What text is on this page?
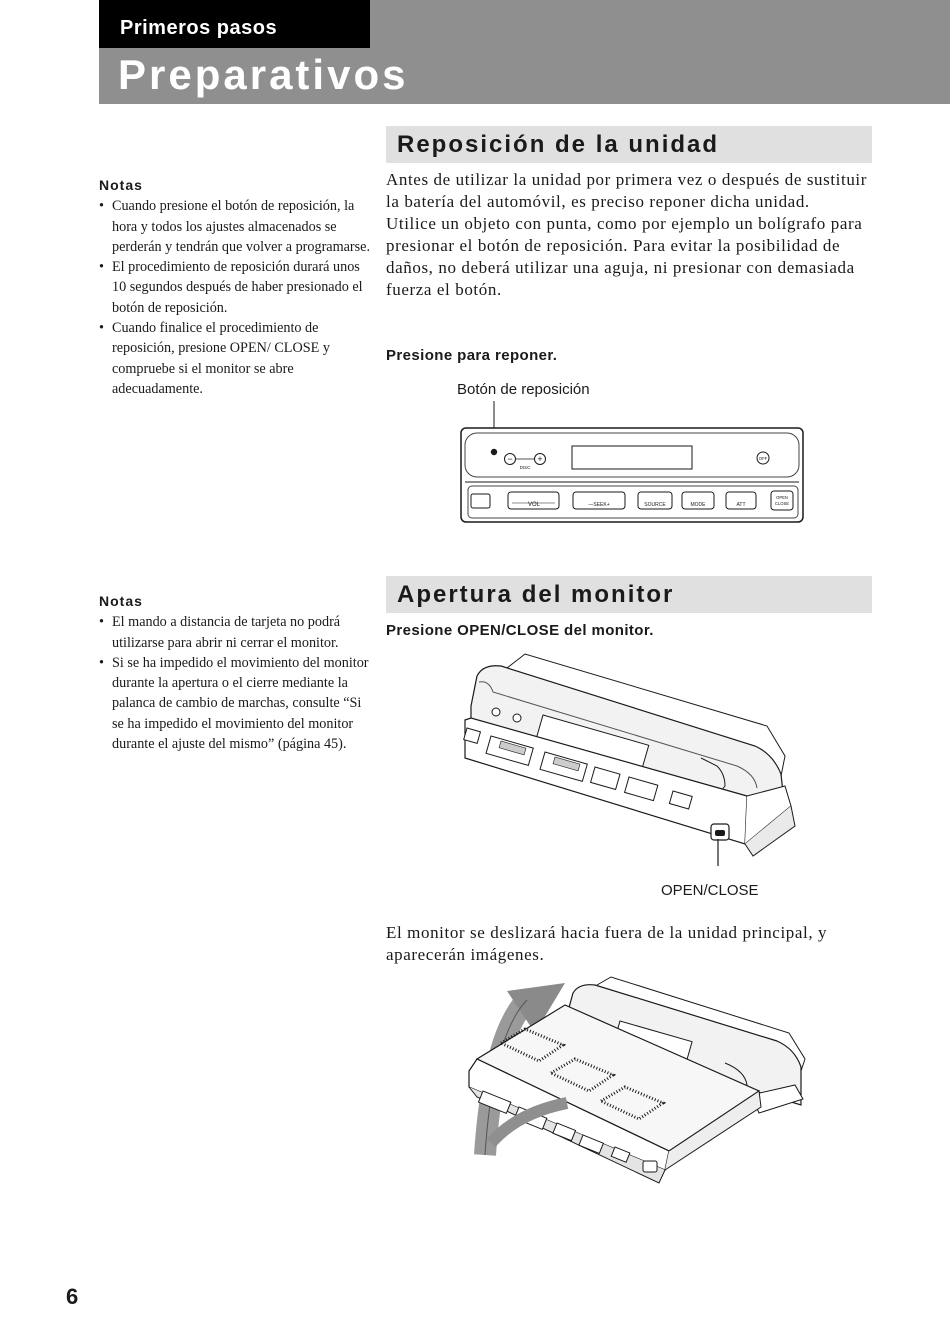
Primeros pasos
Preparativos
Reposición de la unidad
Notas
• Cuando presione el botón de reposición, la hora y todos los ajustes almacenados se perderán y tendrán que volver a programarse.
• El procedimiento de reposición durará unos 10 segundos después de haber presionado el botón de reposición.
• Cuando finalice el procedimiento de reposición, presione OPEN/ CLOSE y compruebe si el monitor se abre adecuadamente.
Antes de utilizar la unidad por primera vez o después de sustituir la batería del automóvil, es preciso reponer dicha unidad.
Utilice un objeto con punta, como por ejemplo un bolígrafo para presionar el botón de reposición. Para evitar la posibilidad de daños, no deberá utilizar una aguja, ni presionar con demasiada fuerza el botón.
Presione para reponer.
Botón de reposición
−	+
DISC
OFF
VOL	—SEEK+	SOURCE	MODE	ATT
OPEN
CLOSE
Apertura del monitor
Notas
• El mando a distancia de tarjeta no podrá utilizarse para abrir ni cerrar el monitor.
• Si se ha impedido el movimiento del monitor durante la apertura o el cierre mediante la palanca de cambio de marchas, consulte “Si se ha impedido el movimiento del monitor durante el ajuste del mismo” (página 45).
Presione OPEN/CLOSE del monitor.
OPEN/CLOSE
El monitor se deslizará hacia fuera de la unidad principal, y aparecerán imágenes.
6
